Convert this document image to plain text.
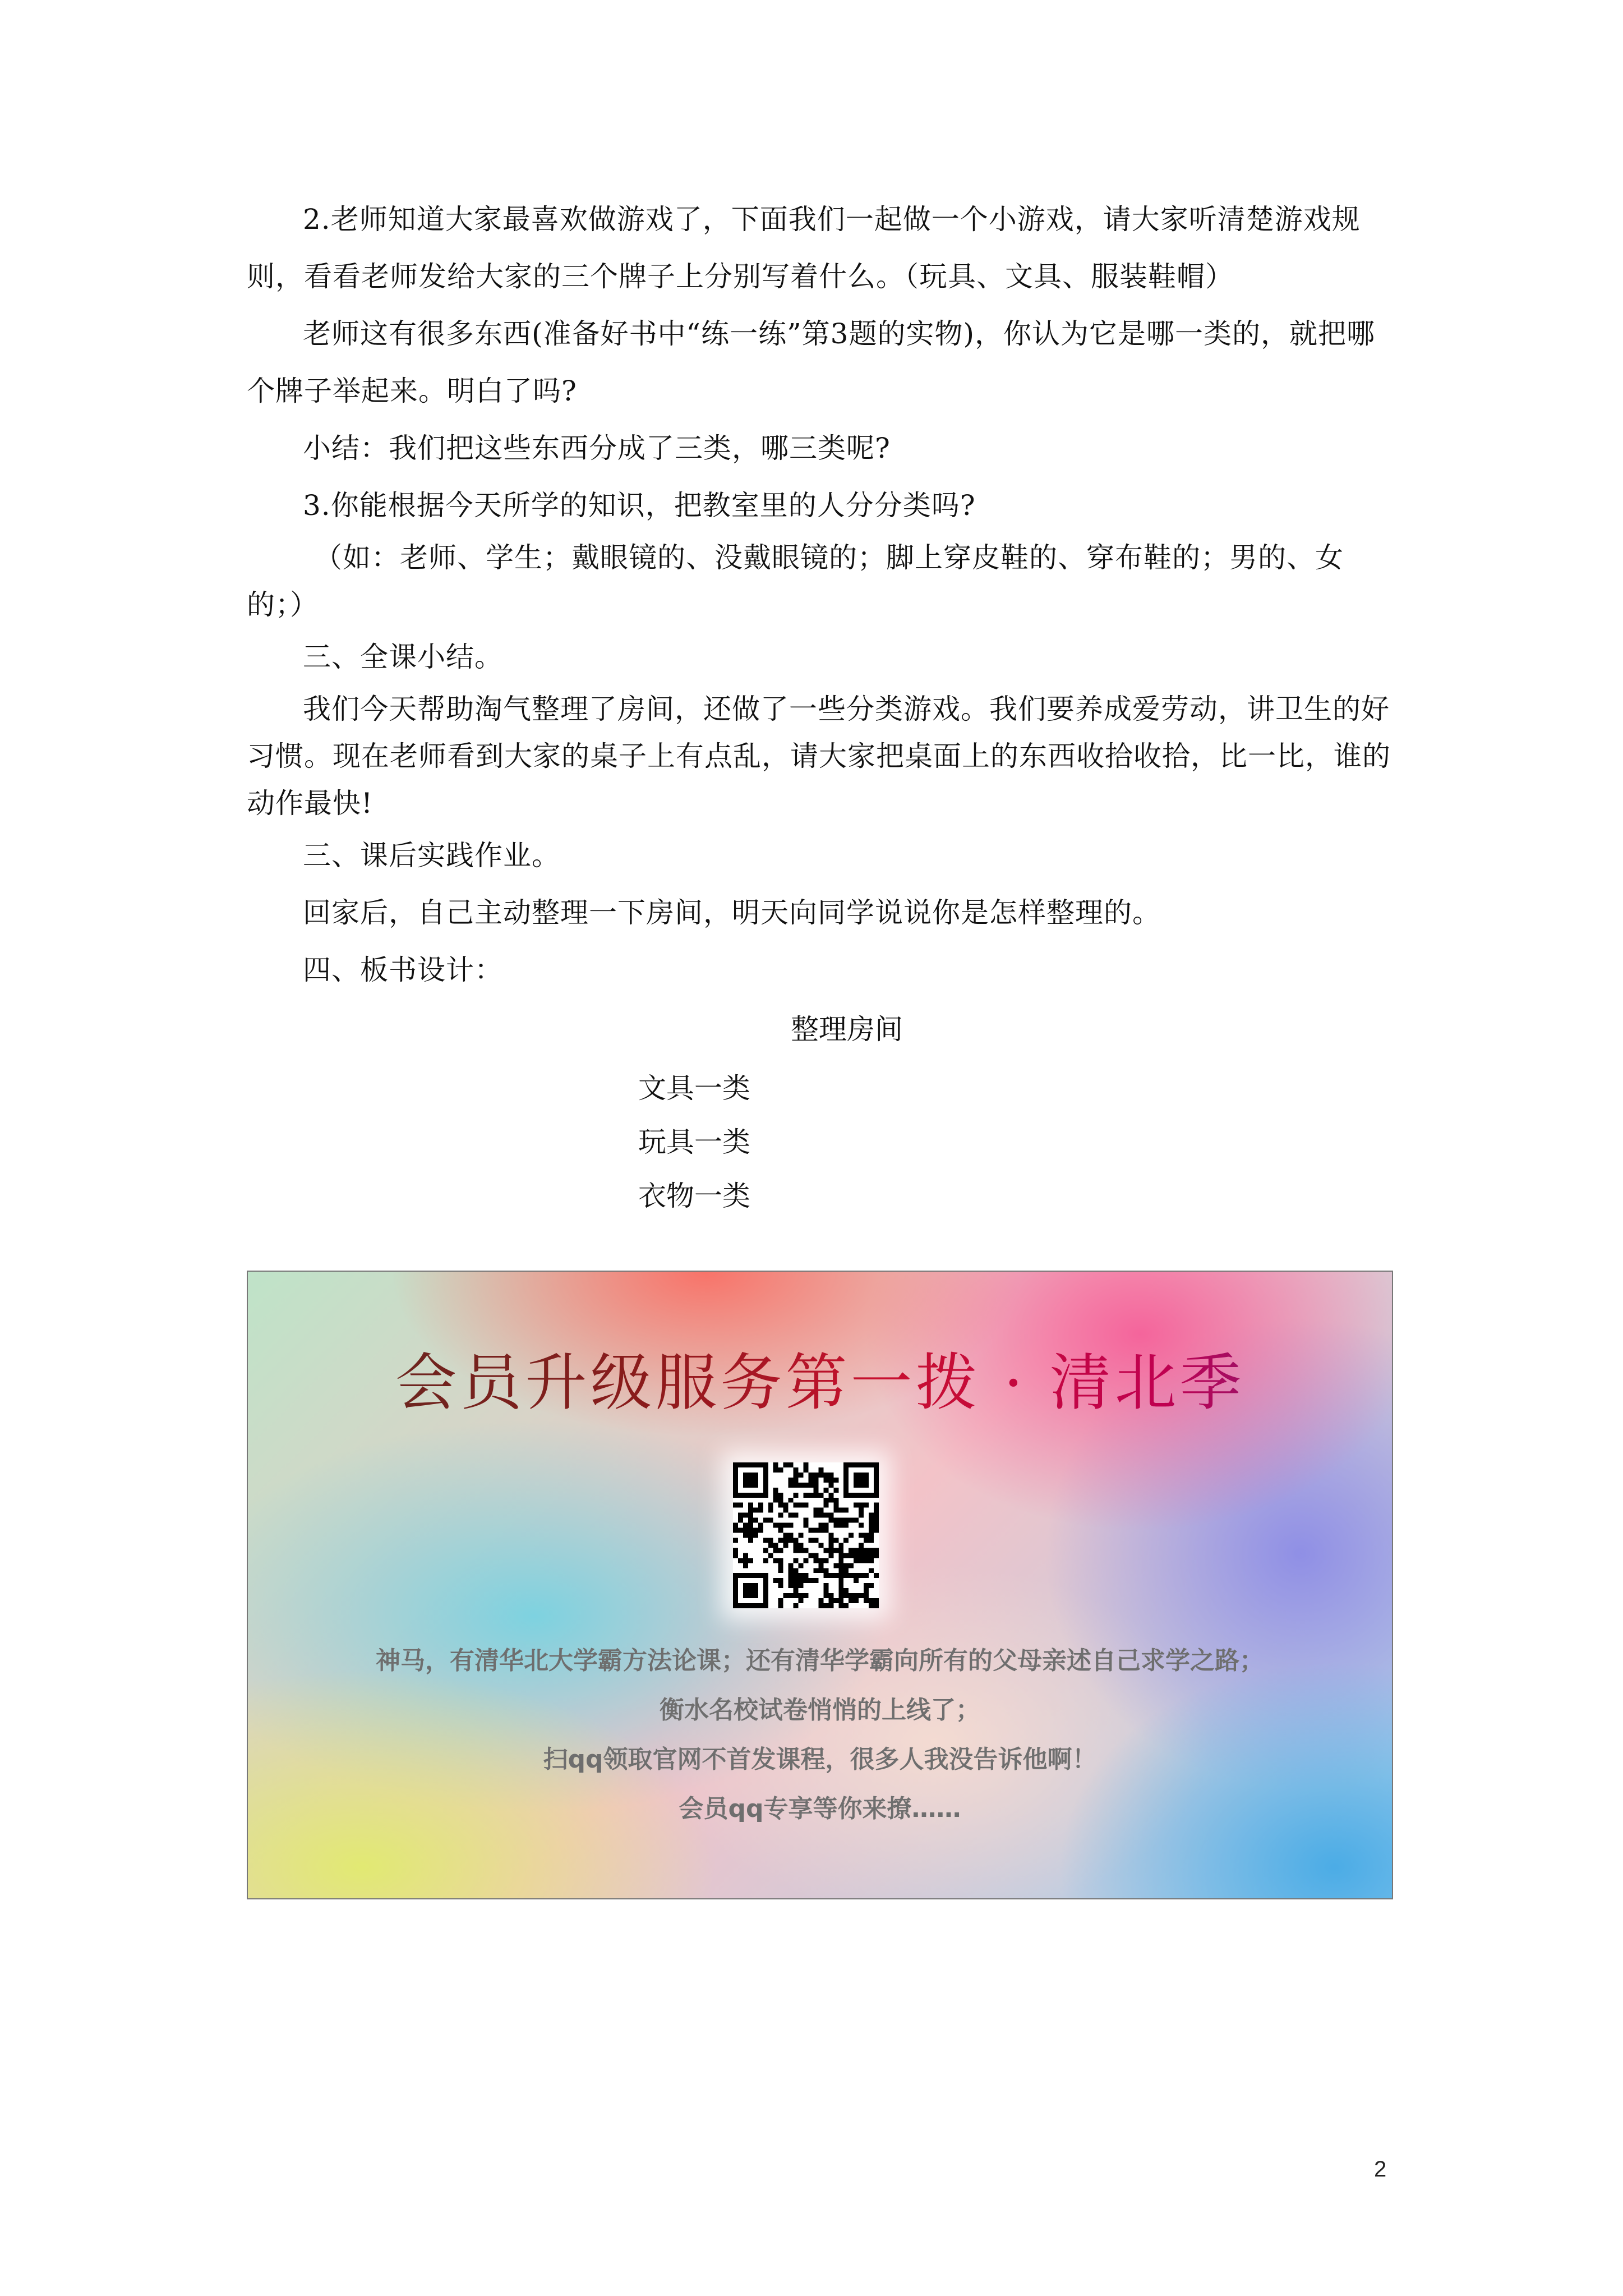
2.老师知道大家最喜欢做游戏了，下面我们一起做一个小游戏，请大家听清楚游戏规则，看看老师发给大家的三个牌子上分别写着什么。（玩具、文具、服装鞋帽）

老师这有很多东西(准备好书中“练一练”第3题的实物)，你认为它是哪一类的，就把哪个牌子举起来。明白了吗?

小结：我们把这些东西分成了三类，哪三类呢?

3.你能根据今天所学的知识，把教室里的人分分类吗?

（如：老师、学生；戴眼镜的、没戴眼镜的；脚上穿皮鞋的、穿布鞋的；男的、女的；）

三、全课小结。

我们今天帮助淘气整理了房间，还做了一些分类游戏。我们要养成爱劳动，讲卫生的好习惯。现在老师看到大家的桌子上有点乱，请大家把桌面上的东西收拾收拾，比一比，谁的动作最快!

三、课后实践作业。

回家后，自己主动整理一下房间，明天向同学说说你是怎样整理的。

四、板书设计：

整理房间
文具一类
玩具一类
衣物一类
会员升级服务第一拨 · 清北季
神马，有清华北大学霸方法论课；还有清华学霸向所有的父母亲述自己求学之路；
衡水名校试卷悄悄的上线了；
扫qq领取官网不首发课程，很多人我没告诉他啊！
会员qq专享等你来撩……
2
